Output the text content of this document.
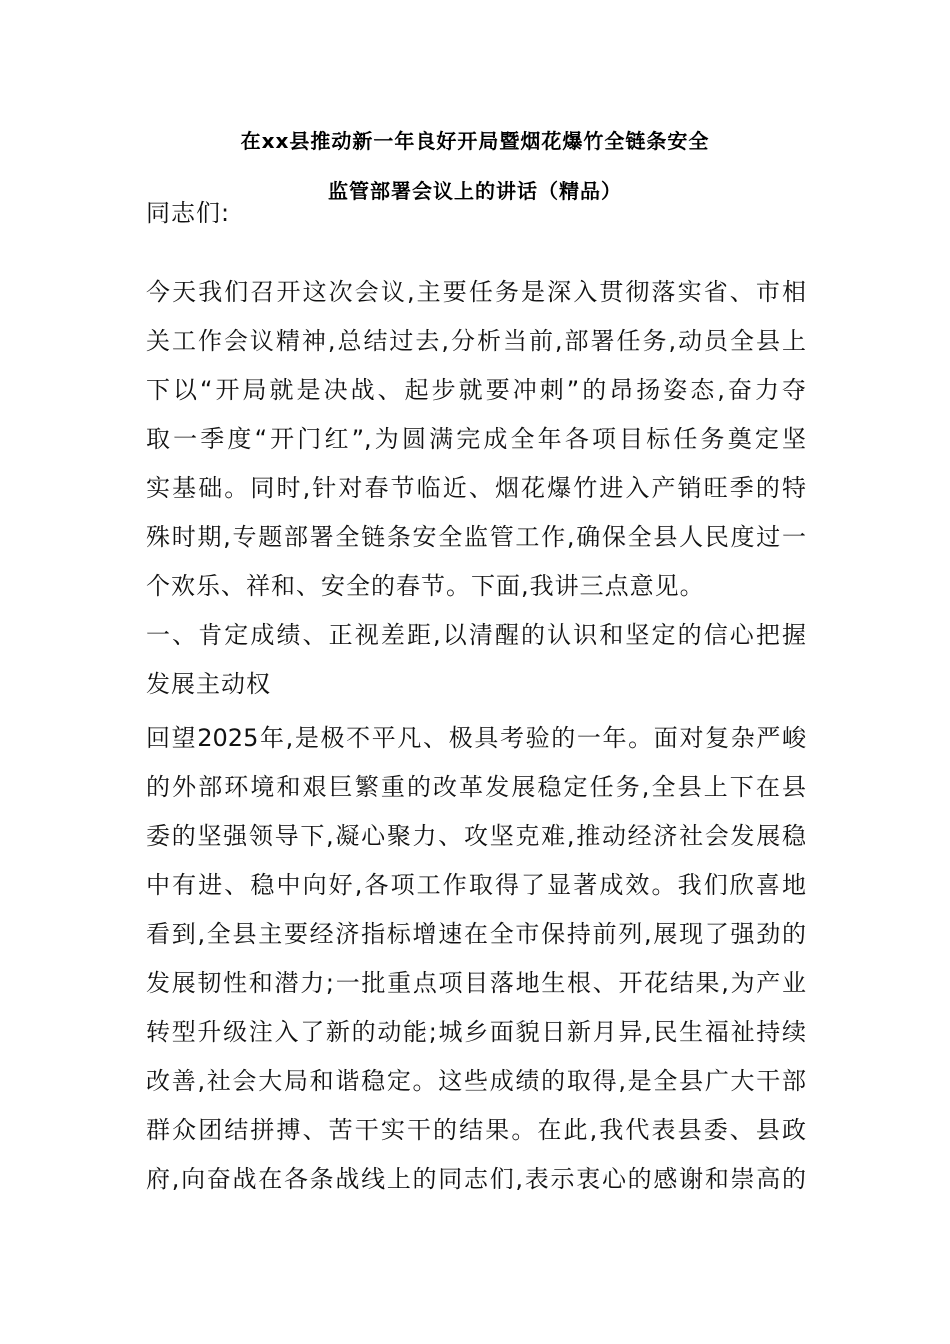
在xx县推动新一年良好开局暨烟花爆竹全链条安全
监管部署会议上的讲话（精品）
同志们:
今天我们召开这次会议,主要任务是深入贯彻落实省、市相
关工作会议精神,总结过去,分析当前,部署任务,动员全县上
下以“开局就是决战、起步就要冲刺”的昂扬姿态,奋力夺
取一季度“开门红”,为圆满完成全年各项目标任务奠定坚
实基础。同时,针对春节临近、烟花爆竹进入产销旺季的特
殊时期,专题部署全链条安全监管工作,确保全县人民度过一
个欢乐、祥和、安全的春节。下面,我讲三点意见。
一、肯定成绩、正视差距,以清醒的认识和坚定的信心把握
发展主动权
回望2025年,是极不平凡、极具考验的一年。面对复杂严峻
的外部环境和艰巨繁重的改革发展稳定任务,全县上下在县
委的坚强领导下,凝心聚力、攻坚克难,推动经济社会发展稳
中有进、稳中向好,各项工作取得了显著成效。我们欣喜地
看到,全县主要经济指标增速在全市保持前列,展现了强劲的
发展韧性和潜力;一批重点项目落地生根、开花结果,为产业
转型升级注入了新的动能;城乡面貌日新月异,民生福祉持续
改善,社会大局和谐稳定。这些成绩的取得,是全县广大干部
群众团结拼搏、苦干实干的结果。在此,我代表县委、县政
府,向奋战在各条战线上的同志们,表示衷心的感谢和崇高的
